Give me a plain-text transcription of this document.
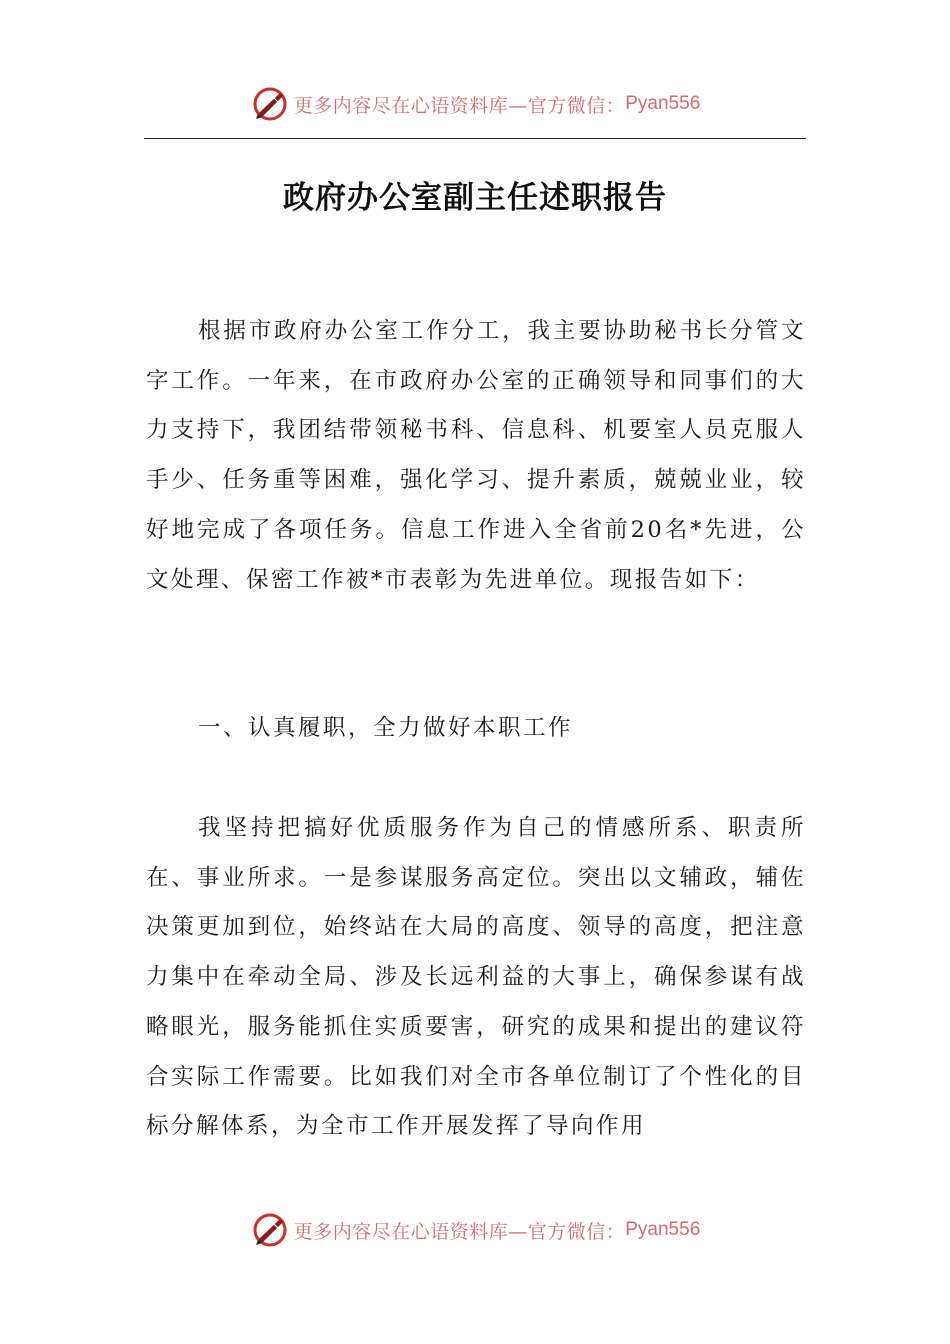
更多内容尽在心语资料库—官方微信： Pyan556
政府办公室副主任述职报告

根据市政府办公室工作分工，我主要协助秘书长分管文字工作。一年来，在市政府办公室的正确领导和同事们的大力支持下，我团结带领秘书科、信息科、机要室人员克服人手少、任务重等困难，强化学习、提升素质，兢兢业业，较好地完成了各项任务。信息工作进入全省前20名*先进，公文处理、保密工作被*市表彰为先进单位。现报告如下：

一、认真履职，全力做好本职工作

我坚持把搞好优质服务作为自己的情感所系、职责所在、事业所求。一是参谋服务高定位。突出以文辅政，辅佐决策更加到位，始终站在大局的高度、领导的高度，把注意力集中在牵动全局、涉及长远利益的大事上，确保参谋有战略眼光，服务能抓住实质要害，研究的成果和提出的建议符合实际工作需要。比如我们对全市各单位制订了个性化的目标分解体系，为全市工作开展发挥了导向作用

更多内容尽在心语资料库—官方微信： Pyan556
